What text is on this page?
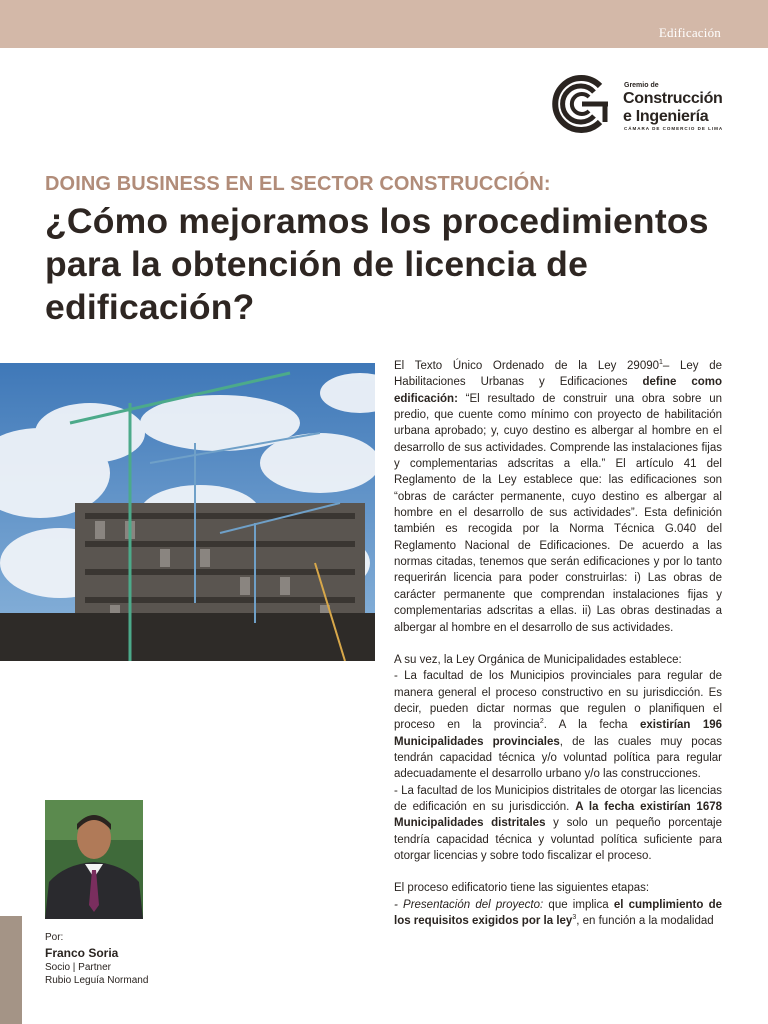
Edificación
Gremio de
Construcción
e Ingeniería
CÁMARA DE COMERCIO DE LIMA
DOING BUSINESS EN EL SECTOR CONSTRUCCIÓN:
¿Cómo mejoramos los procedimientos para la obtención de licencia de edificación?
Por:
Franco Soria
Socio | Partner
Rubio Leguía Normand

El Texto Único Ordenado de la Ley 29090$^1$– Ley de Habilitaciones Urbanas y Edificaciones define como edificación: “El resultado de construir una obra sobre un predio, que cuente como mínimo con proyecto de habilitación urbana aprobado; y, cuyo destino es albergar al hombre en el desarrollo de sus actividades. Comprende las instalaciones fijas y complementarias adscritas a ella.” El artículo 41 del Reglamento de la Ley establece que: las edificaciones son “obras de carácter permanente, cuyo destino es albergar al hombre en el desarrollo de sus actividades”. Esta definición también es recogida por la Norma Técnica G.040 del Reglamento Nacional de Edificaciones. De acuerdo a las normas citadas, tenemos que serán edificaciones y por lo tanto requerirán licencia para poder construirlas: i) Las obras de carácter permanente que comprendan instalaciones fijas y complementarias adscritas a ellas. ii) Las obras destinadas a albergar al hombre en el desarrollo de sus actividades.

A su vez, la Ley Orgánica de Municipalidades establece:

- La facultad de los Municipios provinciales para regular de manera general el proceso constructivo en su jurisdicción. Es decir, pueden dictar normas que regulen o planifiquen el proceso en la provincia$^2$. A la fecha existirían 196 Municipalidades provinciales, de las cuales muy pocas tendrán capacidad técnica y/o voluntad política para regular adecuadamente el desarrollo urbano y/o las construcciones.

- La facultad de los Municipios distritales de otorgar las licencias de edificación en su jurisdicción. A la fecha existirían 1678 Municipalidades distritales y solo un pequeño porcentaje tendría capacidad técnica y voluntad política suficiente para otorgar licencias y sobre todo fiscalizar el proceso.

El proceso edificatorio tiene las siguientes etapas:

- Presentación del proyecto: que implica el cumplimiento de los requisitos exigidos por la ley$^3$, en función a la modalidad
